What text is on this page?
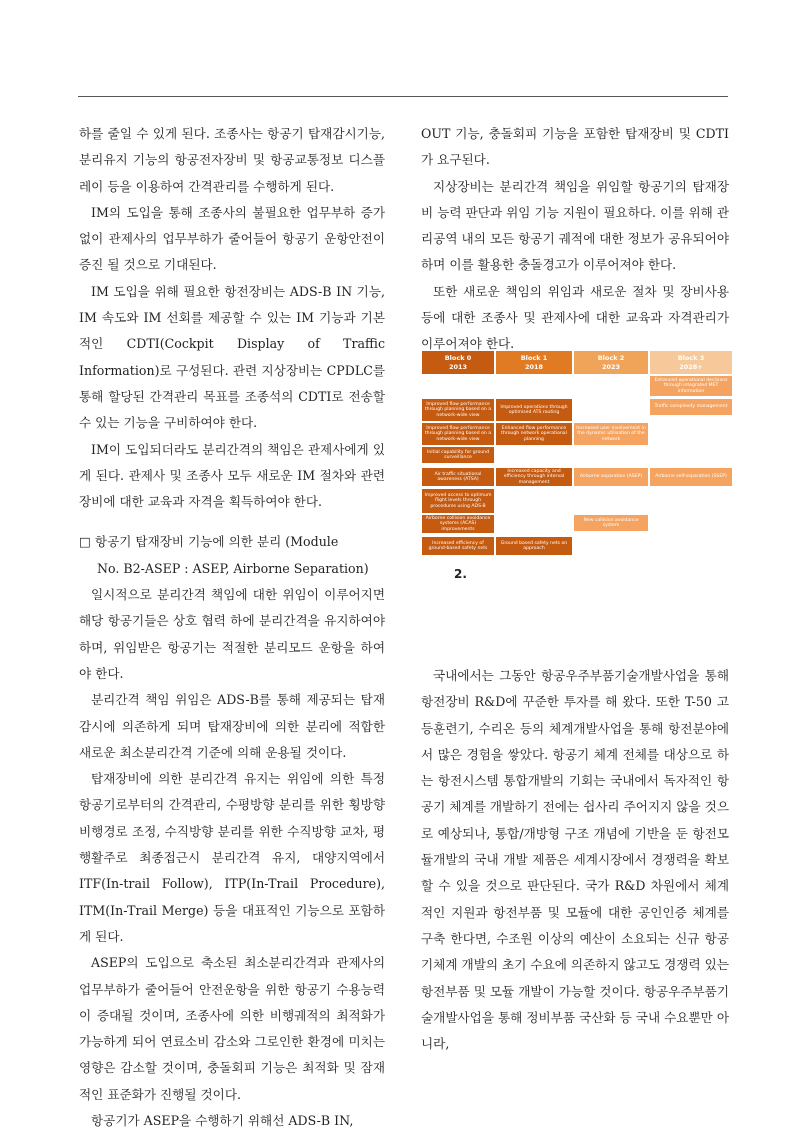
하를 줄일 수 있게 된다. 조종사는 항공기 탑재감시기능, 분리유지 기능의 항공전자장비 및 항공교통정보 디스플레이 등을 이용하여 간격관리를 수행하게 된다.

IM의 도입을 통해 조종사의 불필요한 업무부하 증가 없이 관제사의 업무부하가 줄어들어 항공기 운항안전이 증진 될 것으로 기대된다.

IM 도입을 위해 필요한 항전장비는 ADS-B IN 기능, IM 속도와 IM 선회를 제공할 수 있는 IM 기능과 기본적인 CDTI(Cockpit Display of Traffic Information)로 구성된다. 관련 지상장비는 CPDLC를 통해 할당된 간격관리 목표를 조종석의 CDTI로 전송할 수 있는 기능을 구비하여야 한다.

IM이 도입되더라도 분리간격의 책임은 관제사에게 있게 된다. 관제사 및 조종사 모두 새로운 IM 절차와 관련 장비에 대한 교육과 자격을 획득하여야 한다.

□ 항공기 탑재장비 기능에 의한 분리 (Module

No. B2-ASEP : ASEP, Airborne Separation)

일시적으로 분리간격 책임에 대한 위임이 이루어지면 해당 항공기들은 상호 협력 하에 분리간격을 유지하여야 하며, 위임받은 항공기는 적절한 분리모드 운항을 하여야 한다.

분리간격 책임 위임은 ADS-B를 통해 제공되는 탑재감시에 의존하게 되며 탑재장비에 의한 분리에 적합한 새로운 최소분리간격 기준에 의해 운용될 것이다.

탑재장비에 의한 분리간격 유지는 위임에 의한 특정 항공기로부터의 간격관리, 수평방향 분리를 위한 횡방향 비행경로 조정, 수직방향 분리를 위한 수직방향 교차, 평행활주로 최종접근시 분리간격 유지, 대양지역에서 ITF(In-trail Follow), ITP(In-Trail Procedure), ITM(In-Trail Merge) 등을 대표적인 기능으로 포함하게 된다.

ASEP의 도입으로 축소된 최소분리간격과 관제사의 업무부하가 줄어들어 안전운항을 위한 항공기 수용능력이 증대될 것이며, 조종사에 의한 비행궤적의 최적화가 가능하게 되어 연료소비 감소와 그로인한 환경에 미치는 영향은 감소할 것이며, 충돌회피 기능은 최적화 및 잠재적인 표준화가 진행될 것이다.

항공기가 ASEP을 수행하기 위해선 ADS-B IN,

OUT 기능, 충돌회피 기능을 포함한 탑재장비 및 CDTI가 요구된다.

지상장비는 분리간격 책임을 위임할 항공기의 탑재장비 능력 판단과 위임 기능 지원이 필요하다. 이를 위해 관리공역 내의 모든 항공기 궤적에 대한 정보가 공유되어야 하며 이를 활용한 충돌경고가 이루어져야 한다.

또한 새로운 책임의 위임과 새로운 절차 및 장비사용 등에 대한 조종사 및 관제사에 대한 교육과 자격관리가 이루어져야 한다.

Block 0
2013
Block 1
2018
Block 2
2023
Block 3
2028+
Enhanced operational decisions through integrated MET information
Traffic complexity management
Improved flow performance through planning based on a network-wide view
Improved operations through optimised ATS routing
Improved flow performance through planning based on a network-wide view
Enhanced flow performance through network operational planning
Increased user involvement in the dynamic utilisation of the network
Initial capability for ground surveillance
Air traffic situational awareness (ATSA)
Increased capacity and efficiency through interval management
Airborne separation (ASEP)	Airborne self-separation (SSEP)
Improved access to optimum flight levels through procedures using ADS-B
Airborne collision avoidance systems (ACAS) improvements
New collision avoidance system
Increased efficiency of ground-based safety nets
Ground based safety nets on approach
2.

국내에서는 그동안 항공우주부품기술개발사업을 통해 항전장비 R&D에 꾸준한 투자를 해 왔다. 또한 T-50 고등훈련기, 수리온 등의 체계개발사업을 통해 항전분야에서 많은 경험을 쌓았다. 항공기 체계 전체를 대상으로 하는 항전시스템 통합개발의 기회는 국내에서 독자적인 항공기 체계를 개발하기 전에는 쉽사리 주어지지 않을 것으로 예상되나, 통합/개방형 구조 개념에 기반을 둔 항전모듈개발의 국내 개발 제품은 세계시장에서 경쟁력을 확보할 수 있을 것으로 판단된다. 국가 R&D 차원에서 체계적인 지원과 항전부품 및 모듈에 대한 공인인증 체계를 구축 한다면, 수조원 이상의 예산이 소요되는 신규 항공기체계 개발의 초기 수요에 의존하지 않고도 경쟁력 있는 항전부품 및 모듈 개발이 가능할 것이다. 항공우주부품기술개발사업을 통해 정비부품 국산화 등 국내 수요뿐만 아니라,
